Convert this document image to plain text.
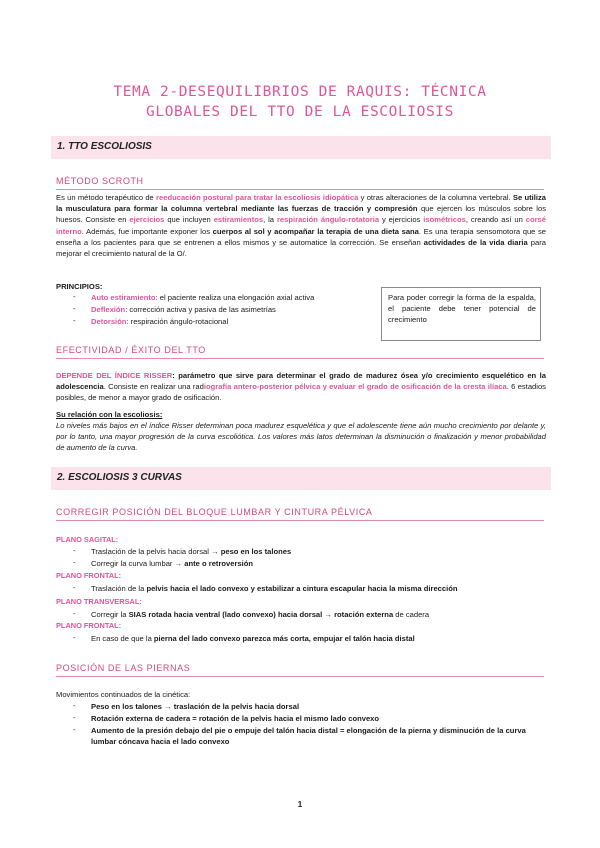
TEMA 2-DESEQUILIBRIOS DE RAQUIS: TÉCNICA
GLOBALES DEL TTO DE LA ESCOLIOSIS
1. TTO ESCOLIOSIS
MÉTODO SCROTH

Es un método terapéutico de reeducación postural para tratar la escoliosis idiopática y otras alteraciones de la columna vertebral. Se utiliza la musculatura para formar la columna vertebral mediante las fuerzas de tracción y compresión que ejercen los músculos sobre los huesos. Consiste en ejercicios que incluyen estiramientos, la respiración ángulo-rotatoria y ejercicios isométricos, creando así un corsé interno. Además, fue importante exponer los cuerpos al sol y acompañar la terapia de una dieta sana. Es una terapia sensomotora que se enseña a los pacientes para que se entrenen a ellos mismos y se automatice la corrección. Se enseñan actividades de la vida diaria para mejorar el crecimiento natural de la O/.

PRINCIPIOS:
- Auto estiramiento: el paciente realiza una elongación axial activa
- Deflexión: corrección activa y pasiva de las asimetrías
- Detorsión: respiración ángulo-rotacional

Para poder corregir la forma de la espalda, el paciente debe tener potencial de crecimiento

EFECTIVIDAD / ÉXITO DEL TTO

DEPENDE DEL ÍNDICE RISSER: parámetro que sirve para determinar el grado de madurez ósea y/o crecimiento esquelético en la adolescencia. Consiste en realizar una radiografía antero-posterior pélvica y evaluar el grado de osificación de la cresta ilíaca. 6 estadios posibles, de menor a mayor grado de osificación.

Su relación con la escoliosis:

Lo niveles más bajos en el índice Risser determinan poca madurez esquelética y que el adolescente tiene aún mucho crecimiento por delante y, por lo tanto, una mayor progresión de la curva escoliótica. Los valores más latos determinan la disminución o finalización y menor probabilidad de aumento de la curva.

2. ESCOLIOSIS 3 CURVAS
CORREGIR POSICIÓN DEL BLOQUE LUMBAR Y CINTURA PÉLVICA
PLANO SAGITAL:
- Traslación de la pelvis hacia dorsal → peso en los talones
- Corregir la curva lumbar → ante o retroversión
PLANO FRONTAL:
- Traslación de la pelvis hacia el lado convexo y estabilizar a cintura escapular hacia la misma dirección
PLANO TRANSVERSAL:
- Corregir la SIAS rotada hacia ventral (lado convexo) hacia dorsal → rotación externa de cadera
PLANO FRONTAL:
- En caso de que la pierna del lado convexo parezca más corta, empujar el talón hacia distal
POSICIÓN DE LAS PIERNAS
Movimientos continuados de la cinética:
- Peso en los talones → traslación de la pelvis hacia dorsal
- Rotación externa de cadera = rotación de la pelvis hacia el mismo lado convexo
- Aumento de la presión debajo del pie o empuje del talón hacia distal = elongación de la pierna y disminución de la curva lumbar cóncava hacia el lado convexo

1
